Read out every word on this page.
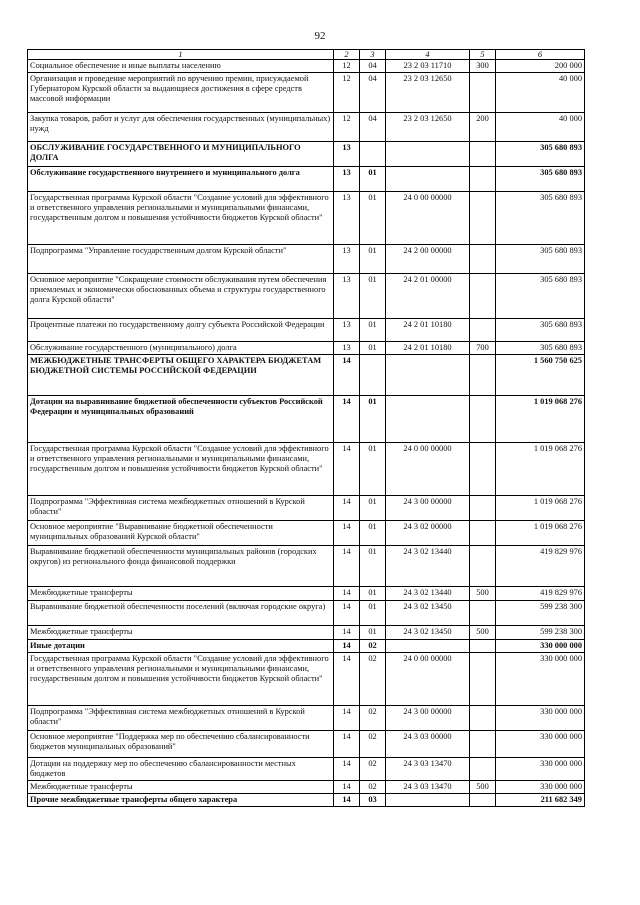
92
1	2	3	4	5	6
Социальное обеспечение и иные выплаты населению	12	04	23 2 03 11710	300	200 000
Организация и проведение мероприятий по вручению премии, присуждаемой Губернатором Курской области за выдающиеся достижения в сфере средств массовой информации	12	04	23 2 03 12650		40 000
Закупка товаров, работ и услуг для обеспечения государственных (муниципальных) нужд	12	04	23 2 03 12650	200	40 000
ОБСЛУЖИВАНИЕ ГОСУДАРСТВЕННОГО И МУНИЦИПАЛЬНОГО ДОЛГА	13				305 680 893
Обслуживание государственного внутреннего и муниципального долга	13	01			305 680 893
Государственная программа Курской области "Создание условий для эффективного и ответственного управления региональными и муниципальными финансами, государственным долгом и повышения устойчивости бюджетов Курской области"	13	01	24 0 00 00000		305 680 893
Подпрограмма "Управление государственным долгом Курской области"	13	01	24 2 00 00000		305 680 893
Основное мероприятие "Сокращение стоимости обслуживания путем обеспечения приемлемых и экономически обоснованных объема и структуры государственного долга Курской области"	13	01	24 2 01 00000		305 680 893
Процентные платежи по государственному долгу субъекта Российской Федерации	13	01	24 2 01 10180		305 680 893
Обслуживание государственного (муниципального) долга	13	01	24 2 01 10180	700	305 680 893
МЕЖБЮДЖЕТНЫЕ ТРАНСФЕРТЫ ОБЩЕГО ХАРАКТЕРА БЮДЖЕТАМ БЮДЖЕТНОЙ СИСТЕМЫ РОССИЙСКОЙ ФЕДЕРАЦИИ	14				1 560 750 625
Дотации на выравнивание бюджетной обеспеченности субъектов Российской Федерации и муниципальных образований	14	01			1 019 068 276
Государственная программа Курской области "Создание условий для эффективного и ответственного управления региональными и муниципальными финансами, государственным долгом и повышения устойчивости бюджетов Курской области"	14	01	24 0 00 00000		1 019 068 276
Подпрограмма "Эффективная система межбюджетных отношений в Курской области"	14	01	24 3 00 00000		1 019 068 276
Основное мероприятие "Выравнивание бюджетной обеспеченности муниципальных образований Курской области"	14	01	24 3 02 00000		1 019 068 276
Выравнивание бюджетной обеспеченности муниципальных районов (городских округов) из регионального фонда финансовой поддержки	14	01	24 3 02 13440		419 829 976
Межбюджетные трансферты	14	01	24 3 02 13440	500	419 829 976
Выравнивание бюджетной обеспеченности поселений (включая городские округа)	14	01	24 3 02 13450		599 238 300
Межбюджетные трансферты	14	01	24 3 02 13450	500	599 238 300
Иные дотации	14	02			330 000 000
Государственная программа Курской области "Создание условий для эффективного и ответственного управления региональными и муниципальными финансами, государственным долгом и повышения устойчивости бюджетов Курской области"	14	02	24 0 00 00000		330 000 000
Подпрограмма "Эффективная система межбюджетных отношений в Курской области"	14	02	24 3 00 00000		330 000 000
Основное мероприятие "Поддержка мер по обеспечению сбалансированности бюджетов муниципальных образований"	14	02	24 3 03 00000		330 000 000
Дотации на поддержку мер по обеспечению сбалансированности местных бюджетов	14	02	24 3 03 13470		330 000 000
Межбюджетные трансферты	14	02	24 3 03 13470	500	330 000 000
Прочие межбюджетные трансферты общего характера	14	03			211 682 349
